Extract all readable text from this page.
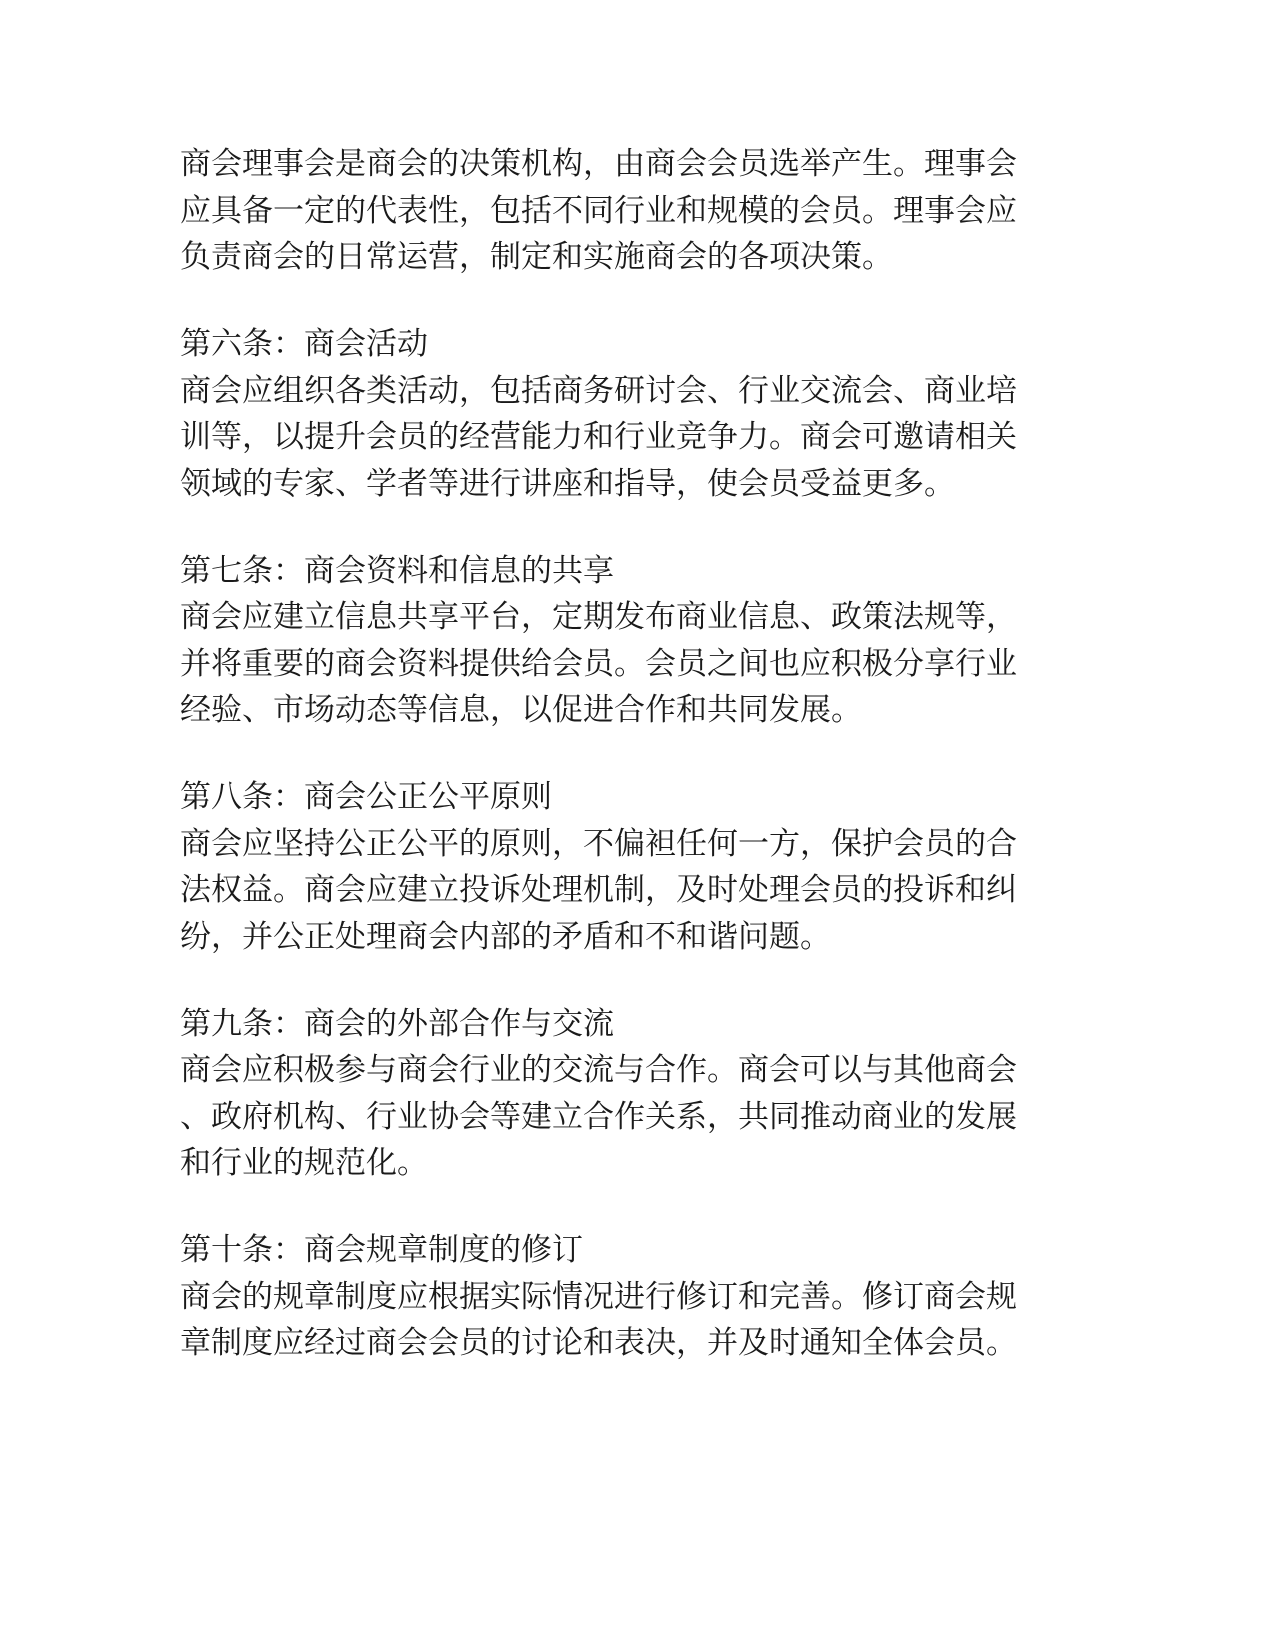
商会理事会是商会的决策机构，由商会会员选举产生。理事会
应具备一定的代表性，包括不同行业和规模的会员。理事会应
负责商会的日常运营，制定和实施商会的各项决策。
第六条：商会活动
商会应组织各类活动，包括商务研讨会、行业交流会、商业培
训等，以提升会员的经营能力和行业竞争力。商会可邀请相关
领域的专家、学者等进行讲座和指导，使会员受益更多。
第七条：商会资料和信息的共享
商会应建立信息共享平台，定期发布商业信息、政策法规等，
并将重要的商会资料提供给会员。会员之间也应积极分享行业
经验、市场动态等信息，以促进合作和共同发展。
第八条：商会公正公平原则
商会应坚持公正公平的原则，不偏袒任何一方，保护会员的合
法权益。商会应建立投诉处理机制，及时处理会员的投诉和纠
纷，并公正处理商会内部的矛盾和不和谐问题。
第九条：商会的外部合作与交流
商会应积极参与商会行业的交流与合作。商会可以与其他商会
、政府机构、行业协会等建立合作关系，共同推动商业的发展
和行业的规范化。
第十条：商会规章制度的修订
商会的规章制度应根据实际情况进行修订和完善。修订商会规
章制度应经过商会会员的讨论和表决，并及时通知全体会员。
